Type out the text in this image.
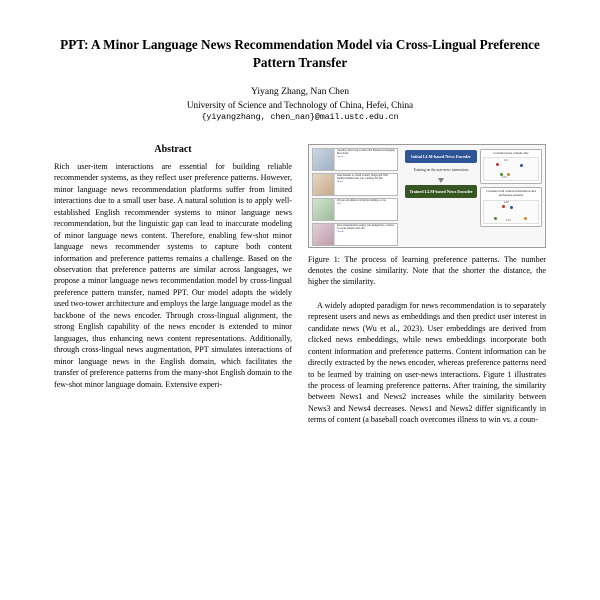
PPT: A Minor Language News Recommendation Model via Cross-Lingual Preference Pattern Transfer
Yiyang Zhang, Nan Chen
University of Science and Technology of China, Hefei, China
{yiyangzhang, chen_nan}@mail.ustc.edu.cn
Abstract

Rich user-item interactions are essential for building reliable recommender systems, as they reflect user preference patterns. However, minor language news recommendation platforms suffer from limited interactions due to a small user base. A natural solution is to apply well-established English recommender systems to minor language news recommendation, but the linguistic gap can lead to inaccurate modeling of minor language news content. Therefore, enabling few-shot minor language news recommender systems to capture both content information and preference patterns remains a challenge. Based on the observation that preference patterns are similar across languages, we propose a minor language news recommendation model by cross-lingual preference pattern transfer, named PPT. Our model adopts the widely used two-tower architecture and employs the large language model as the backbone of the news encoder. Through cross-lingual alignment, the strong English capability of the news encoder is extended to minor languages, thus enhancing news content representations. Additionally, through cross-lingual news augmentation, PPT simulates interactions of minor language news in the English domain, which facilitates the transfer of preference patterns from the many-shot English domain to the few-shot minor language domain. Extensive experi-

Guardiola fires back at rumor that Haaland is managing his transfer
Sports
Kane Returns to a Dish Country Singer and With Kathryn Mathews Dr. Jon, a display his first
Music
28-year-old athlete is living her smiling, so far...
Life
Rare transplantation surgery lets changed into a chance to rescue patient order and
Health
Initial LLM-based News Encoder
Training on the user-news interactions
Trained LLM-based News Encoder
Consider news content only
0.11
0.52
Consider both content information and preference patterns
0.68
0.23
Figure 1: The process of learning preference patterns. The number denotes the cosine similarity. Note that the shorter the distance, the higher the similarity.

A widely adopted paradigm for news recommendation is to separately represent users and news as embeddings and then predict user interest in candidate news (Wu et al., 2023). User embeddings are derived from clicked news embeddings, while news embeddings incorporate both content information and preference patterns. Content information can be directly extracted by the news encoder, whereas preference patterns need to be learned by training on user-news interactions. Figure 1 illustrates the process of learning preference patterns. After training, the similarity between News1 and News2 increases while the similarity between News3 and News4 decreases. News1 and News2 differ significantly in terms of content (a baseball coach overcomes illness to win vs. a coun-
